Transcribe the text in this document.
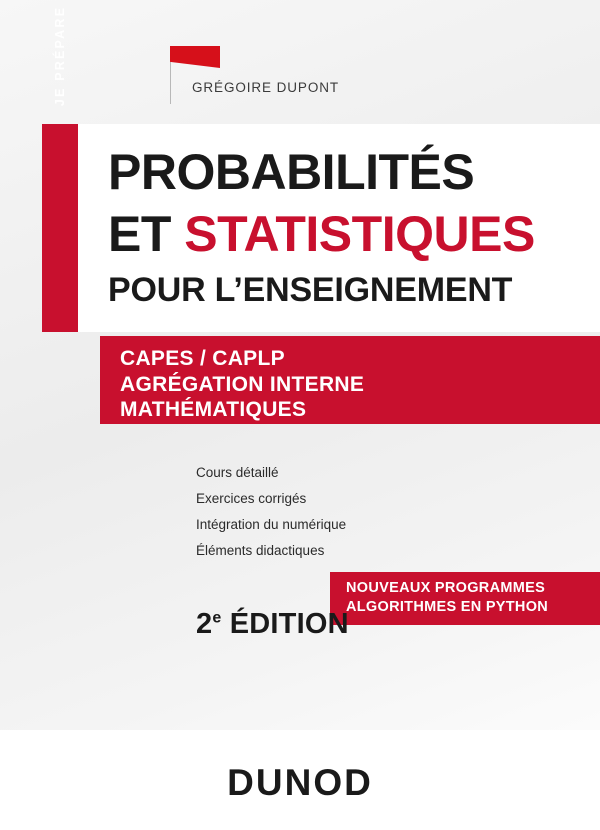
GRÉGOIRE DUPONT
JE PRÉPARE
PROBABILITÉS
ET STATISTIQUES
POUR L’ENSEIGNEMENT
CAPES / CAPLP
AGRÉGATION INTERNE
MATHÉMATIQUES
Cours détaillé
Exercices corrigés
Intégration du numérique
Éléments didactiques
NOUVEAUX PROGRAMMES
ALGORITHMES EN PYTHON
2e ÉDITION
DUNOD
